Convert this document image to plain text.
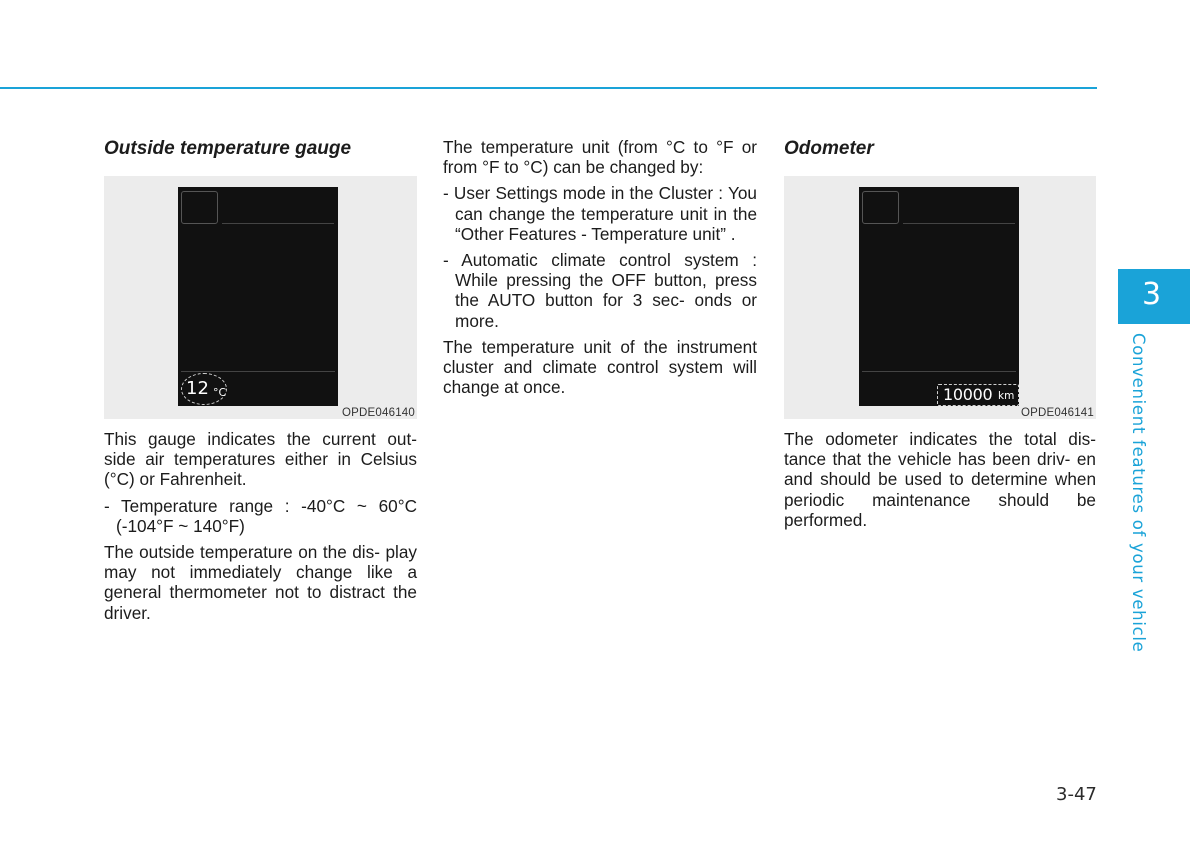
Outside temperature gauge

12 °C
OPDE046140

This gauge indicates the current out- side air temperatures either in Celsius (°C) or Fahrenheit.

- Temperature range : -40°C ~ 60°C (-104°F ~ 140°F)

The outside temperature on the dis- play may not immediately change like a general thermometer not to distract the driver.

The temperature unit (from °C to °F or from °F to °C) can be changed by:

- User Settings mode in the Cluster : You can change the temperature unit in the “Other Features - Temperature unit” .

- Automatic climate control system : While pressing the OFF button, press the AUTO button for 3 sec- onds or more.

The temperature unit of the instrument cluster and climate control system will change at once.

Odometer

10000 km
OPDE046141

The odometer indicates the total dis- tance that the vehicle has been driv- en and should be used to determine when periodic maintenance should be performed.

3
Convenient features of your vehicle
3-47
